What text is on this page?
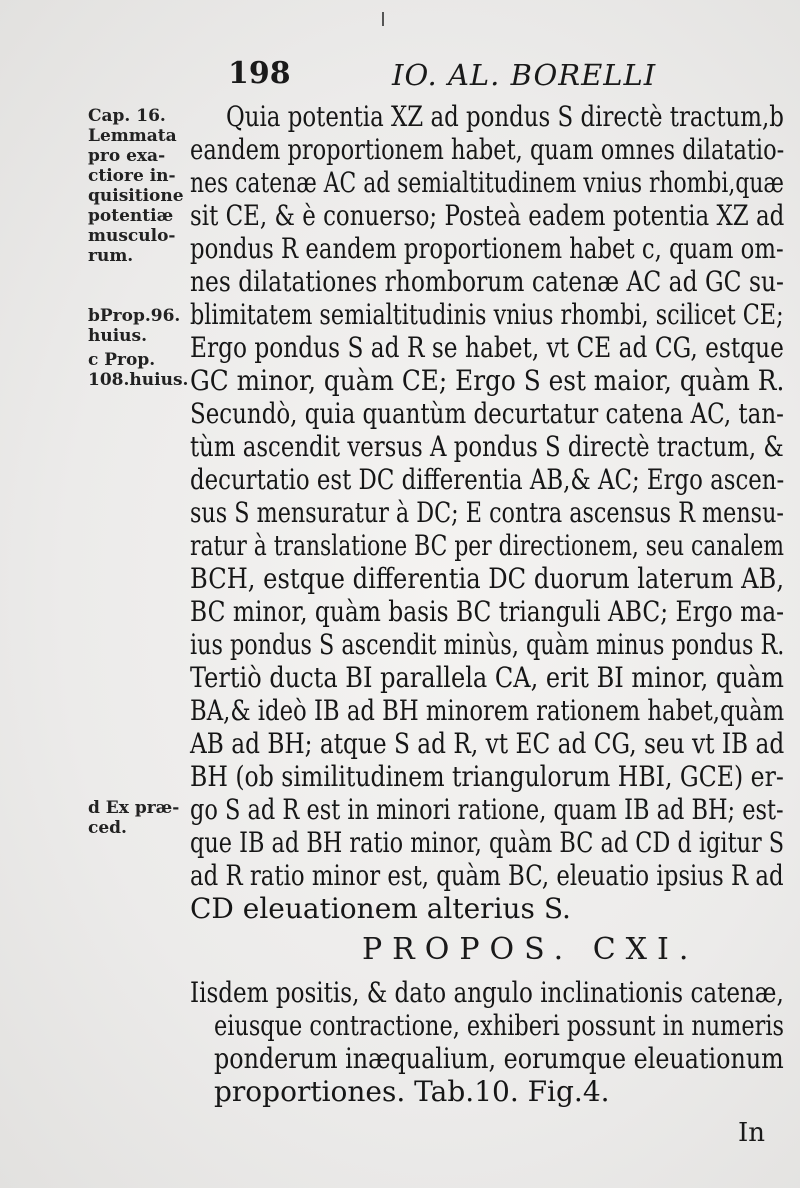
198	IO. AL. BORELLI
Cap. 16.
Lemmata
pro exa-
ctiore in-
quisitione
potentiæ
musculo-
rum.
bProp.96.
huius.
c Prop.
108.huius.
d Ex præ-
ced.
Quia potentia XZ ad pondus S directè tractum,b
eandem proportionem habet, quam omnes dilatatio-
nes catenæ AC ad semialtitudinem vnius rhombi,quæ
sit CE, & è conuerso; Posteà eadem potentia XZ ad
pondus R eandem proportionem habet c, quam om-
nes dilatationes rhomborum catenæ AC ad GC su-
blimitatem semialtitudinis vnius rhombi, scilicet CE;
Ergo pondus S ad R se habet, vt CE ad CG, estque
GC minor, quàm CE; Ergo S est maior, quàm R.
Secundò, quia quantùm decurtatur catena AC, tan-
tùm ascendit versus A pondus S directè tractum, &
decurtatio est DC differentia AB,& AC; Ergo ascen-
sus S mensuratur à DC; E contra ascensus R mensu-
ratur à translatione BC per directionem, seu canalem
BCH, estque differentia DC duorum laterum AB,
BC minor, quàm basis BC trianguli ABC; Ergo ma-
ius pondus S ascendit minùs, quàm minus pondus R.
Tertiò ducta BI parallela CA, erit BI minor, quàm
BA,& ideò IB ad BH minorem rationem habet,quàm
AB ad BH; atque S ad R, vt EC ad CG, seu vt IB ad
BH (ob similitudinem triangulorum HBI, GCE) er-
go S ad R est in minori ratione, quam IB ad BH; est-
que IB ad BH ratio minor, quàm BC ad CD d igitur S
ad R ratio minor est, quàm BC, eleuatio ipsius R ad
CD eleuationem alterius S.
PROPOS. CXI.
Iisdem positis, & dato angulo inclinationis catenæ,
eiusque contractione, exhiberi possunt in numeris
ponderum inæqualium, eorumque eleuationum
proportiones. Tab.10. Fig.4.
In
